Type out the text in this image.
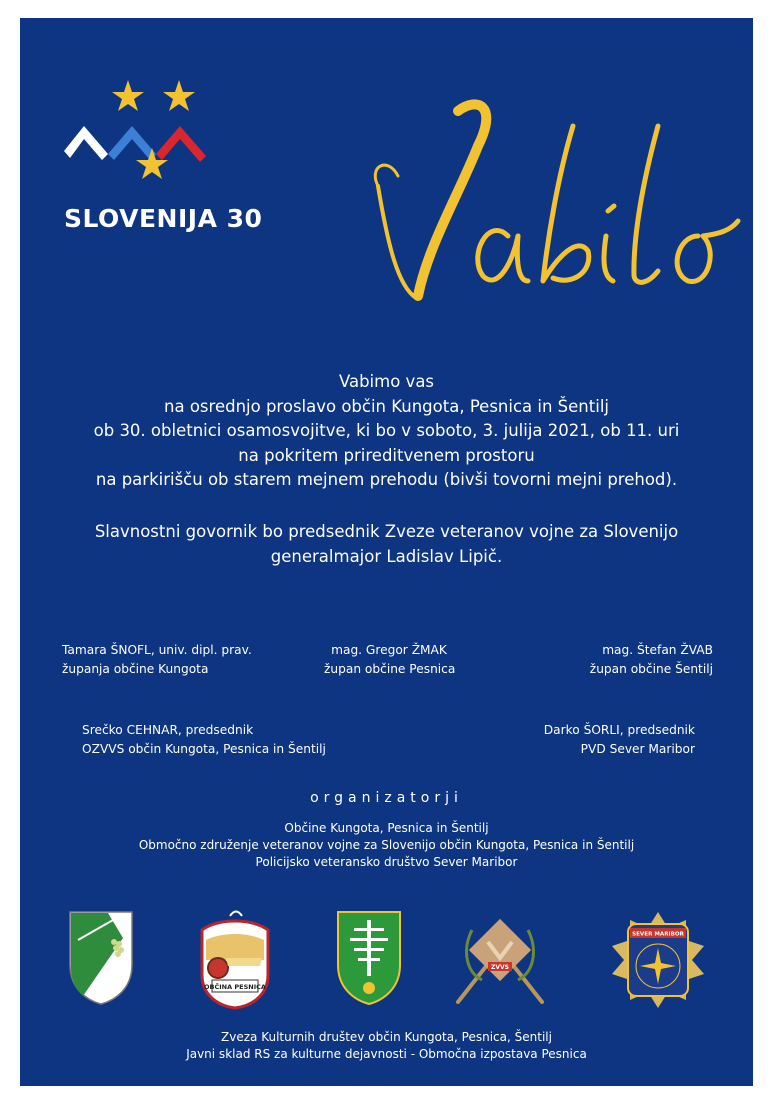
SLOVENIJA 30
Vabimo vas
na osrednjo proslavo občin Kungota, Pesnica in Šentilj
ob 30. obletnici osamosvojitve, ki bo v soboto, 3. julija 2021, ob 11. uri
na pokritem prireditvenem prostoru
na parkirišču ob starem mejnem prehodu (bivši tovorni mejni prehod).
Slavnostni govornik bo predsednik Zveze veteranov vojne za Slovenijo
generalmajor Ladislav Lipič.
Tamara ŠNOFL, univ. dipl. prav.
županja občine Kungota
mag. Gregor ŽMAK
župan občine Pesnica
mag. Štefan ŽVAB
župan občine Šentilj
Srečko CEHNAR, predsednik
OZVVS občin Kungota, Pesnica in Šentilj
Darko ŠORLI, predsednik
PVD Sever Maribor
organizatorji
Občine Kungota, Pesnica in Šentilj
Območno združenje veteranov vojne za Slovenijo občin Kungota, Pesnica in Šentilj
Policijsko veteransko društvo Sever Maribor
OBČINA PESNICA
ZVVS
SEVER MARIBOR
Zveza Kulturnih društev občin Kungota, Pesnica, Šentilj
Javni sklad RS za kulturne dejavnosti - Območna izpostava Pesnica
